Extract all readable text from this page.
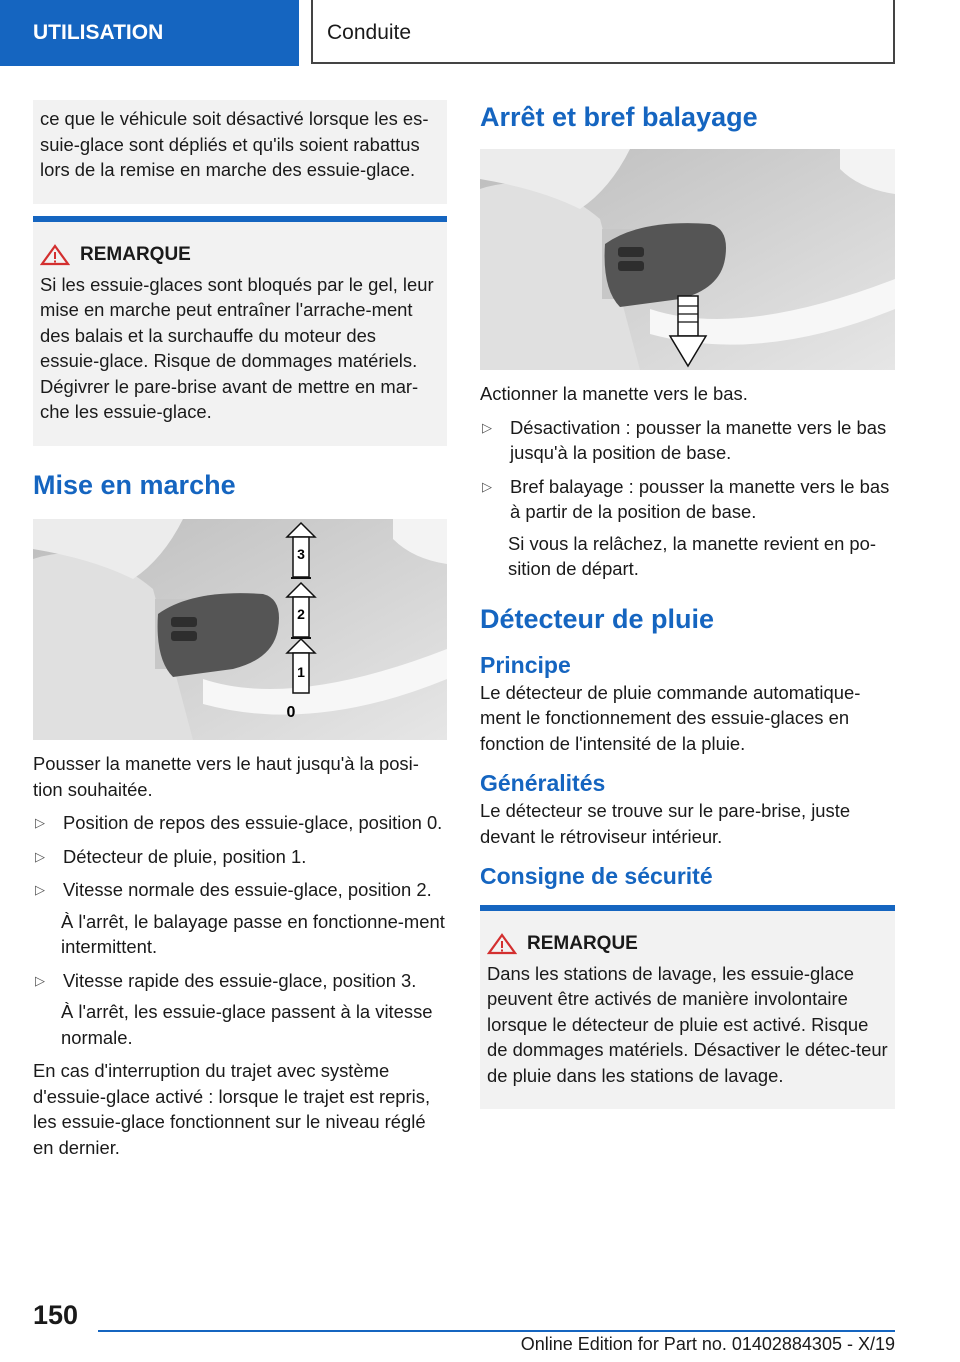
UTILISATION	Conduite
ce que le véhicule soit désactivé lorsque les es-suie-glace sont dépliés et qu'ils soient rabattus lors de la remise en marche des essuie-glace.
REMARQUE
Si les essuie-glaces sont bloqués par le gel, leur mise en marche peut entraîner l'arrache-ment des balais et la surchauffe du moteur des essuie-glace. Risque de dommages matériels. Dégivrer le pare-brise avant de mettre en mar-che les essuie-glace.
Mise en marche
3
2
1
0

Pousser la manette vers le haut jusqu'à la posi-tion souhaitée.

▷ Position de repos des essuie-glace, position 0.
▷ Détecteur de pluie, position 1.
▷ Vitesse normale des essuie-glace, position 2.
À l'arrêt, le balayage passe en fonctionne-ment intermittent.
▷ Vitesse rapide des essuie-glace, position 3.
À l'arrêt, les essuie-glace passent à la vitesse normale.

En cas d'interruption du trajet avec système d'essuie-glace activé : lorsque le trajet est repris, les essuie-glace fonctionnent sur le niveau réglé en dernier.

Arrêt et bref balayage

Actionner la manette vers le bas.

▷ Désactivation : pousser la manette vers le bas jusqu'à la position de base.
▷ Bref balayage : pousser la manette vers le bas à partir de la position de base.
Si vous la relâchez, la manette revient en po-sition de départ.
Détecteur de pluie
Principe

Le détecteur de pluie commande automatique-ment le fonctionnement des essuie-glaces en fonction de l'intensité de la pluie.

Généralités

Le détecteur se trouve sur le pare-brise, juste devant le rétroviseur intérieur.

Consigne de sécurité
REMARQUE
Dans les stations de lavage, les essuie-glace peuvent être activés de manière involontaire lorsque le détecteur de pluie est activé. Risque de dommages matériels. Désactiver le détec-teur de pluie dans les stations de lavage.
150
Online Edition for Part no. 01402884305 - X/19
